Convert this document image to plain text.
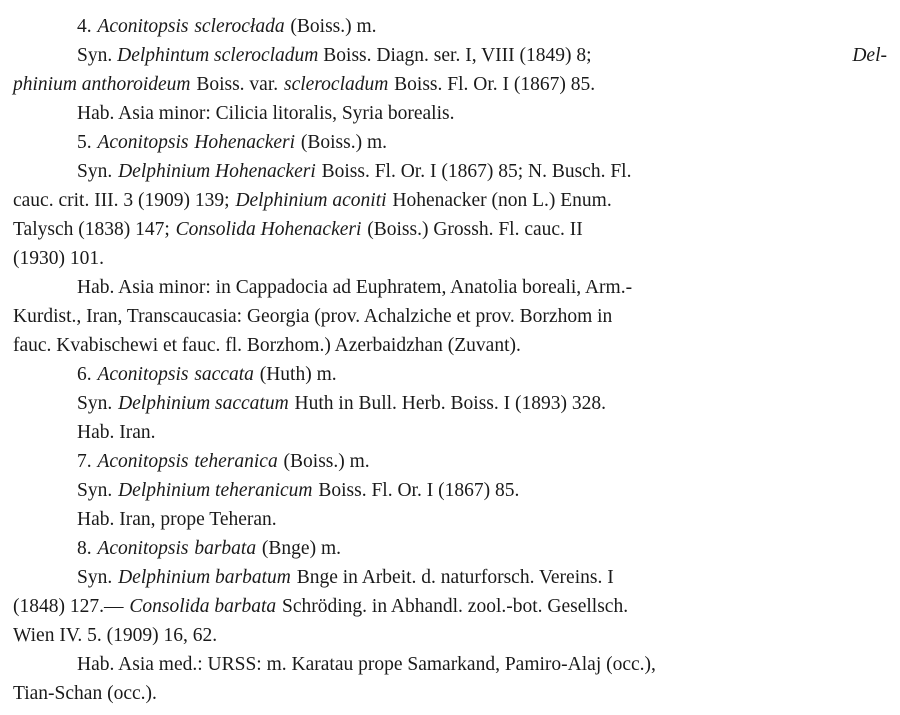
4. Aconitopsis sclerocłada (Boiss.) m.
Syn. Delphintum sclerocladum Boiss. Diagn. ser. I, VIII (1849) 8;	Del-
phinium anthoroideum Boiss. var. sclerocladum Boiss. Fl. Or. I (1867) 85.
Hab. Asia minor: Cilicia litoralis, Syria borealis.
5. Aconitopsis Hohenackeri (Boiss.) m.
Syn. Delphinium Hohenackeri Boiss. Fl. Or. I (1867) 85; N. Busch. Fl.
cauc. crit. III. 3 (1909) 139; Delphinium aconiti Hohenacker (non L.) Enum.
Talysch (1838) 147; Consolida Hohenackeri (Boiss.) Grossh. Fl. cauc. II
(1930) 101.
Hab. Asia minor: in Cappadocia ad Euphratem, Anatolia boreali, Arm.-
Kurdist., Iran, Transcaucasia: Georgia (prov. Achalziche et prov. Borzhom in
fauc. Kvabischewi et fauc. fl. Borzhom.) Azerbaidzhan (Zuvant).
6. Aconitopsis saccata (Huth) m.
Syn. Delphinium saccatum Huth in Bull. Herb. Boiss. I (1893) 328.
Hab. Iran.
7. Aconitopsis teheranica (Boiss.) m.
Syn. Delphinium teheranicum Boiss. Fl. Or. I (1867) 85.
Hab. Iran, prope Teheran.
8. Aconitopsis barbata (Bnge) m.
Syn. Delphinium barbatum Bnge in Arbeit. d. naturforsch. Vereins. I
(1848) 127.— Consolida barbata Schröding. in Abhandl. zool.-bot. Gesellsch.
Wien IV. 5. (1909) 16, 62.
Hab. Asia med.: URSS: m. Karatau prope Samarkand, Pamiro-Alaj (occ.),
Tian-Schan (occ.).
